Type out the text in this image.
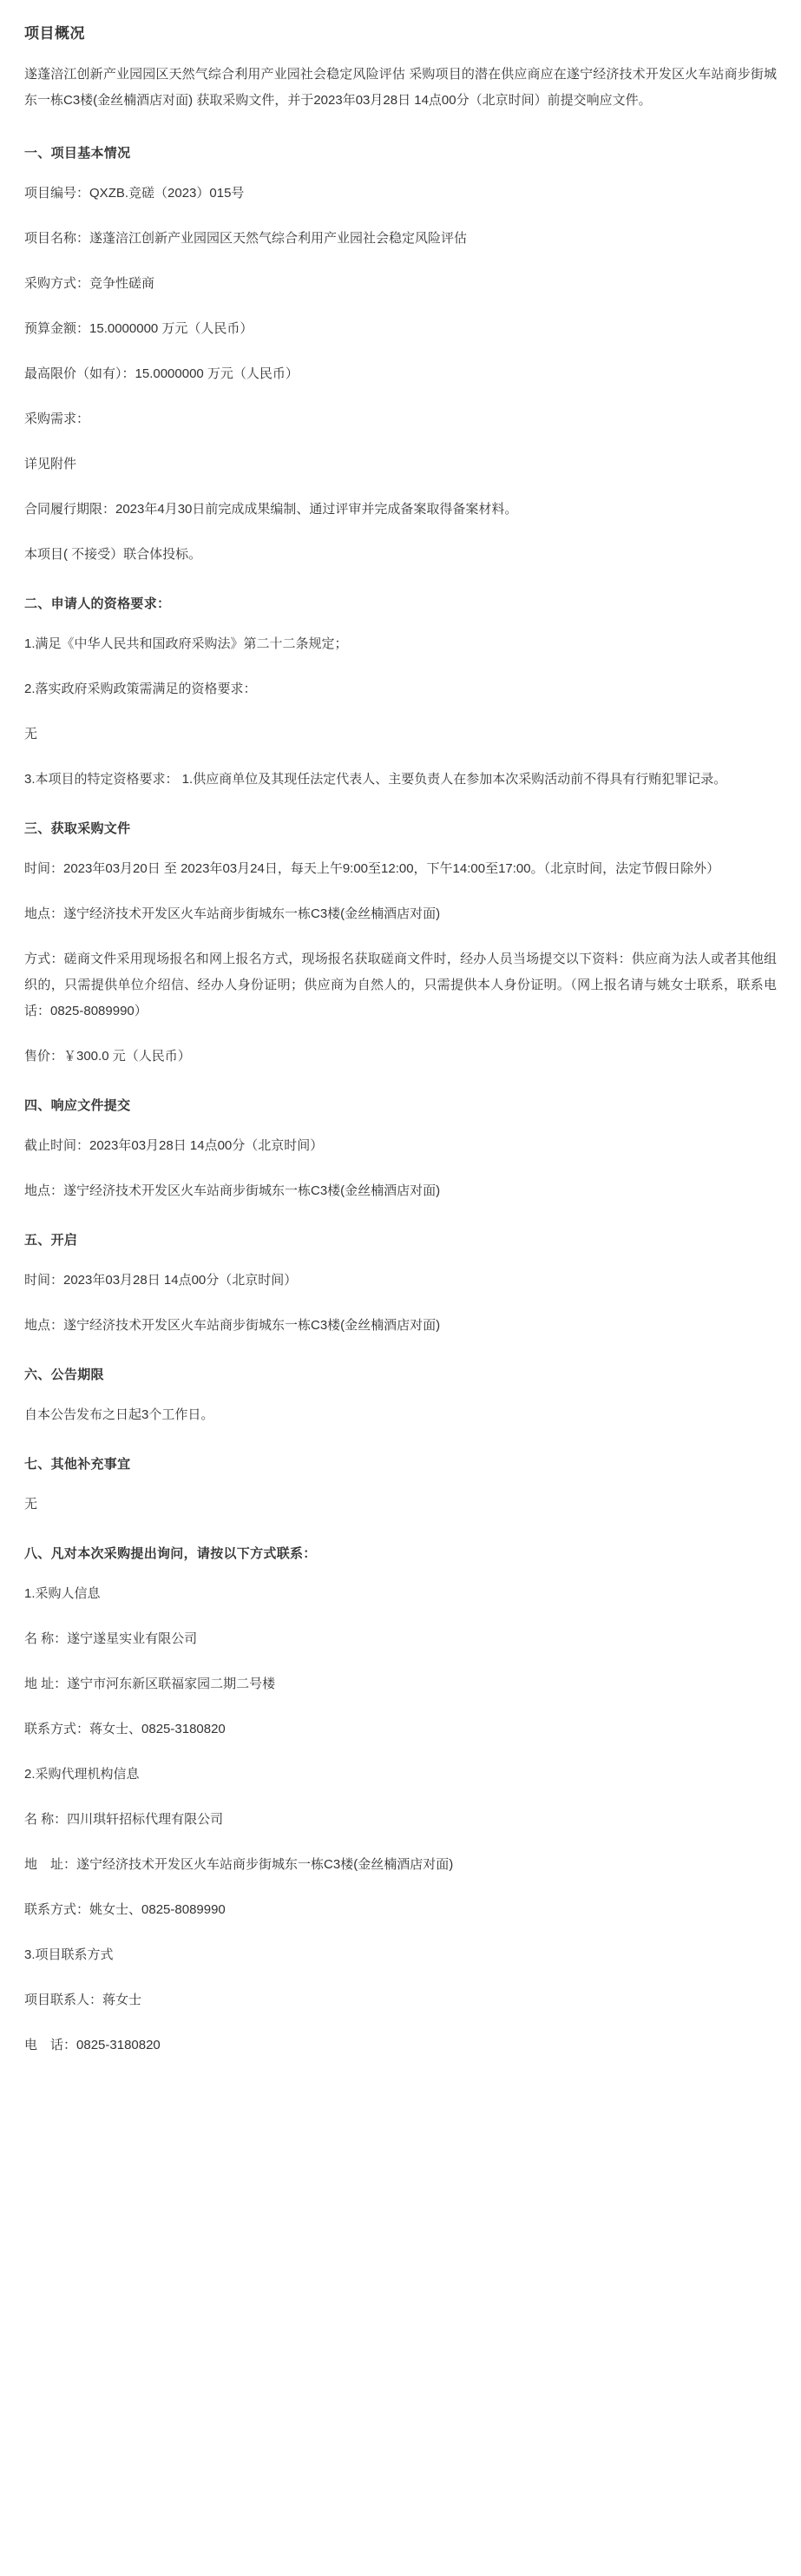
项目概况

遂蓬涪江创新产业园园区天然气综合利用产业园社会稳定风险评估 采购项目的潜在供应商应在遂宁经济技术开发区火车站商步街城东一栋C3楼(金丝楠酒店对面) 获取采购文件，并于2023年03月28日 14点00分（北京时间）前提交响应文件。

一、项目基本情况

项目编号：QXZB.竞磋（2023）015号

项目名称：遂蓬涪江创新产业园园区天然气综合利用产业园社会稳定风险评估

采购方式：竞争性磋商

预算金额：15.0000000 万元（人民币）

最高限价（如有）：15.0000000 万元（人民币）

采购需求：

详见附件

合同履行期限：2023年4月30日前完成成果编制、通过评审并完成备案取得备案材料。

本项目( 不接受）联合体投标。

二、申请人的资格要求：

1.满足《中华人民共和国政府采购法》第二十二条规定；

2.落实政府采购政策需满足的资格要求：

无

3.本项目的特定资格要求： 1.供应商单位及其现任法定代表人、主要负责人在参加本次采购活动前不得具有行贿犯罪记录。

三、获取采购文件

时间：2023年03月20日 至 2023年03月24日，每天上午9:00至12:00，下午14:00至17:00。（北京时间，法定节假日除外）

地点：遂宁经济技术开发区火车站商步街城东一栋C3楼(金丝楠酒店对面)

方式：磋商文件采用现场报名和网上报名方式，现场报名获取磋商文件时，经办人员当场提交以下资料：供应商为法人或者其他组织的，只需提供单位介绍信、经办人身份证明；供应商为自然人的，只需提供本人身份证明。（网上报名请与姚女士联系，联系电话：0825-8089990）

售价：￥300.0 元（人民币）

四、响应文件提交

截止时间：2023年03月28日 14点00分（北京时间）

地点：遂宁经济技术开发区火车站商步街城东一栋C3楼(金丝楠酒店对面)

五、开启

时间：2023年03月28日 14点00分（北京时间）

地点：遂宁经济技术开发区火车站商步街城东一栋C3楼(金丝楠酒店对面)

六、公告期限

自本公告发布之日起3个工作日。

七、其他补充事宜

无

八、凡对本次采购提出询问，请按以下方式联系：

1.采购人信息

名 称：遂宁遂星实业有限公司

地 址：遂宁市河东新区联福家园二期二号楼

联系方式：蒋女士、0825-3180820

2.采购代理机构信息

名 称：四川琪轩招标代理有限公司

地　址：遂宁经济技术开发区火车站商步街城东一栋C3楼(金丝楠酒店对面)

联系方式：姚女士、0825-8089990

3.项目联系方式

项目联系人：蒋女士

电　话：0825-3180820
